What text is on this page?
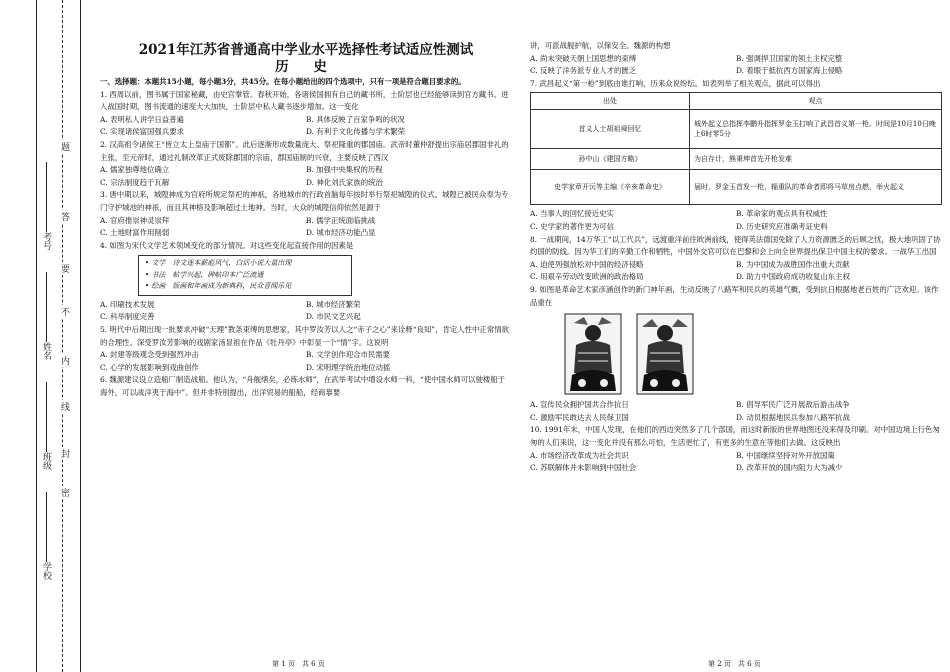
题
答
要
不
内
线
封
密
考号
姓名
班级
学校

2021年江苏省普通高中学业水平选择性考试适应性测试

历 史

一、选择题：本题共15小题，每小题3分，共45分。在每小题给出的四个选项中，只有一项是符合题目要求的。

1. 西周以前，图书属于国家秘藏，由史官掌管。春秋开始，各诸侯国拥有自己的藏书所，士阶层也已经能够读到官方藏书。进入战国时期，图书流通的速度大大加快，士阶层中私人藏书逐步增加。这一变化

A. 表明私人讲学日益普遍	B. 具体反映了百家争鸣的状况
C. 实现诸侯富国强兵要求	D. 有利于文化传播与学术繁荣

2. 汉高祖令诸侯王“皆立太上皇庙于国都”。此后逐渐形成数量庞大、祭祀隆重的郡国庙。武帝时董仲舒提出宗庙居郡国非礼的主张，至元帝时，通过礼制改革正式废除郡国的宗庙，郡国庙制的兴衰，主要反映了西汉

A. 儒家独尊地位确立	B. 加强中央集权的历程
C. 宗法制度趋于瓦解	D. 神化刘氏家族的统治

3. 唐中期以来，城隍神成为官府所规定祭祀的神祇，各地城市的行政首脑每年按时举行祭祀城隍的仪式。城隍已被民众奉为专门守护城池的神祇，而且其神格及影响超过土地神。当时，大众的城隍信仰依然是源于

A. 官府推崇神灵崇拜	B. 儒学正统面临挑战
C. 土地财富作用削弱	D. 城市经济功能凸显

4. 如图为宋代文学艺术领域变化的部分情况。对这些变化起直接作用的因素是

• 文学　诗文逐本薪彪风气，白话小说大量出现

• 书法　帖学兴起，碑帖印本广泛流通

• 绘画　版画和年画成为新典科，民众喜闻乐见

A. 印刷技术发展	B. 城市经济繁荣
C. 科举制度完善	D. 市民文艺兴起

5. 明代中后期出现一批要求冲破“天理”教条束缚的思想家，其中罗汝芳以人之“赤子之心”来诠释“良知”，肯定人性中正常情欲的合理性。深受罗汝芳影响的戏剧家汤显祖在作品《牡丹亭》中彰显一个“情”字。这说明

A. 封建等级观念受到强烈冲击	B. 文学创作迎合市民需要
C. 心学的发展影响到戏曲创作	D. 宋明理学统治地位动摇

6. 魏源建议设立造船厂制造战船。他认为，“舟舰缮矣，必练水师”，在武举考试中增设水师一科，“使中国水师可以驶楼船于海外，可以战洋夷于海中”。但并非特别提出，出洋贸易的船船，经商靠要

第 1 页　共 6 页

讲，可派战舰护航，以保安全。魏源的构想

A. 尚未突破天朝上国思想的束缚	B. 强调捍卫国家的领土主权完整
C. 反映了洋务派专业人才的匮乏	D. 着眼于抵抗西方国家海上侵略

7. 武昌起义“第一枪”到底由谁打响，历来众说纷纭。如表列举了相关观点，据此可以得出

出处	观点
首义人士胡祖舜回忆	城外起义总指挥李鹏升指挥罗金玉打响了武昌首义第一枪。时间是10月10日晚上6时零5分
孙中山《建国方略》	为自存计，熊秉坤首先开枪发难
史学家章开沅等主编《辛亥革命史》	届时，罗金玉首发一枪，辎重队的革命者即将马草房点燃，举火起义
A. 当事人的回忆接近史实	B. 革命家的观点具有权威性
C. 史学家的著作更为可信	D. 历史研究应准确考证史料

8. 一战期间，14万华工“以工代兵”，远渡重洋前往欧洲前线，使得英法德国免除了人力资源匮乏的后顾之忧，极大地巩固了协约国的防线。因为华工们的辛勤工作和牺牲，中国外交官可以在巴黎和会上向全世界提出保卫中国主权的要求。一战华工出国

A. 迫使列强放松对中国的经济侵略	B. 为中国成为战胜国作出重大贡献
C. 用艰辛劳动改变欧洲的政治格局	D. 助力中国政府成功收复山东主权

9. 如图是革命艺术家彦涵创作的新门神年画，生动反映了八路军和民兵的英雄气概，受到抗日根据地老百姓的广泛欢迎。该作品重在

A. 宣传民众拥护国共合作抗日	B. 倡导军民广泛开展敌后游击战争
C. 激励军民敢达去人民保卫国	D. 动员根据地民兵参加八路军抗战

10. 1991年末，中国人发现，在他们的西边突然多了几个部国，而这时新版的世界地图还没来得及印刷。对中国边境上行色匆匆的人们来说，这一变化并没有那么可怕，生活更忙了，有更多的生意在等他们去做。这反映出

A. 市场经济改革成为社会共识	B. 中国继续坚持对外开放国策
C. 苏联解体并未影响到中国社会	D. 改革开放的国内阻力大为减少
第 2 页　共 6 页
